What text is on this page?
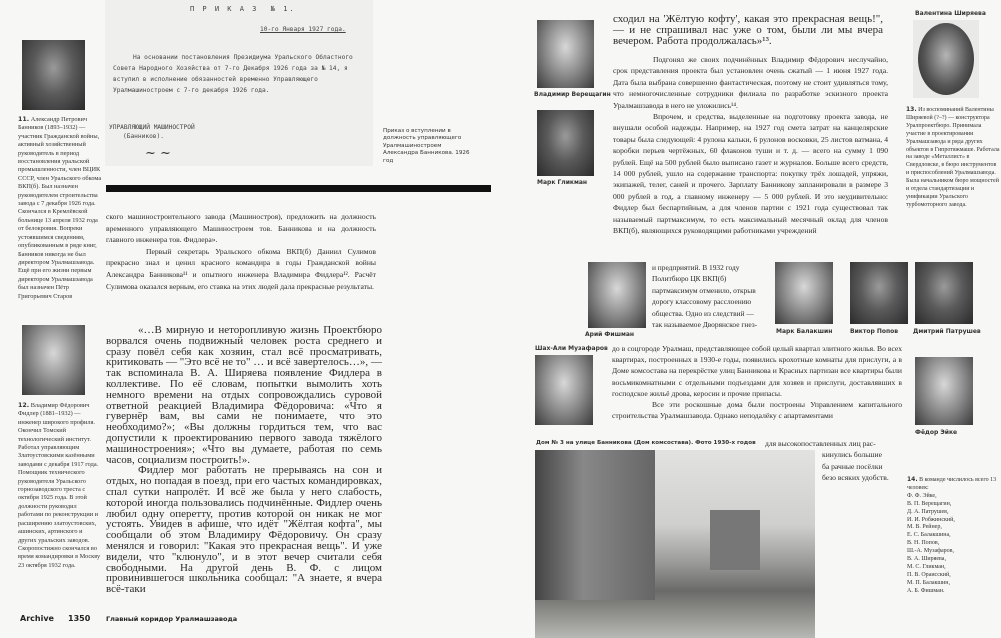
11. Александр Петрович Банников (1893–1932) — участник Гражданской войны, активный хозяйственный руководитель в период восстановления уральской промышленности, член ВЦИК СССР, член Уральского обкома ВКП(б). Был назначен руководителем строительства завода с 7 декабря 1926 года. Скончался в Кремлёвской больнице 13 апреля 1932 года от белокровия. Вопреки устоявшимся сведениям, опубликованным в ряде книг, Банников никогда не был директором Уралмашзавода. Ещё при его жизни первым директором Уралмашзавода был назначен Пётр Григорьевич Старов
П Р И К А З  № 1.
10-го Января 1927 года.
На основании постановления Президиума Уральского Областного Совета Народного Хозяйства от 7-го Декабря 1926 года за № 14, я вступил в исполнение обязанностей временно Управляющего Уралмашиностроем с 7-го декабря 1926 года.
УПРАВЛЯЮЩИЙ МАШИНОСТРОЙ
(Банников).
~ ~
Приказ о вступлении в должность управляющего Уралмашиностроем Александра Банникова. 1926 год
ского машиностроительного завода (Машиностроя), предложить на должность временного управляющего Машиностроем тов. Банникова и на должность главного инженера тов. Фидлера».

Первый секретарь Уральского обкома ВКП(б) Даниил Сулимов прекрасно знал и ценил красного командира в годы Гражданской войны Александра Банникова¹¹ и опытного инженера Владимира Фидлера¹². Расчёт Сулимова оказался верным, его ставка на этих людей дала прекрасные результаты.

«…В мирную и неторопливую жизнь Проектбюро ворвался очень подвижный человек роста среднего и сразу повёл себя как хозяин, стал всё просматривать, критиковать — "Это всё не то" … и всё завертелось…», — так вспоминала В. А. Ширяева появление Фидлера в коллективе. По её словам, попытки вымолить хоть немного времени на отдых сопровождались суровой ответной реакцией Владимира Фёдоровича: «Что я гувернёр вам, вы сами не понимаете, что это необходимо?»; «Вы должны гордиться тем, что вас допустили к проектированию первого завода тяжёлого машиностроения»; «Что вы думаете, работая по семь часов, социализм построить!».

Фидлер мог работать не прерываясь на сон и отдых, но попадая в поезд, при его частых командировках, спал сутки напролёт. И всё же была у него слабость, которой иногда пользовались подчинённые. Фидлер очень любил одну оперетту, против которой он никак не мог устоять. Увидев в афише, что идёт "Жёлтая кофта", мы сообщали об этом Владимиру Фёдоровичу. Он сразу менялся и говорил: "Какая это прекрасная вещь". И уже видели, что "клюнуло", и в этот вечер считали себя свободными. На другой день В. Ф. с лицом провинившегося школьника сообщал: "А знаете, я вчера всё-таки

12. Владимир Фёдорович Фидлер (1881–1932) — инженер широкого профиля. Окончил Томский технологический институт. Работал управляющим Златоустовскими казёнными заводами с декабря 1917 года. Помощник технического руководителя Уральского горнозаводского треста с октября 1925 года. В этой должности руководил работами по реконструкции и расширению златоустовских, ашинских, артинского и других уральских заводов. Скоропостижно скончался во время командировки в Москву 23 октября 1932 года.
Archive 1350 Главный коридор Уралмашзавода
Владимир Верещагин
Марк Гликман
сходил на 'Жёлтую кофту', какая это прекрасная вещь!", — и не спрашивал нас уже о том, были ли мы вчера вечером. Работа продолжалась»¹³.

Подгонял же своих подчинённых Владимир Фёдорович неслучайно, срок представления проекта был установлен очень сжатый — 1 июня 1927 года. Дата была выбрана совершенно фантастическая, поэтому не стоит удивляться тому, что немногочисленные сотрудники филиала по разработке эскизного проекта Уралмашзавода в него не уложились¹⁴.

Впрочем, и средства, выделенные на подготовку проекта завода, не внушали особой надежды. Например, на 1927 год смета затрат на канцелярские товары была следующей: 4 рулона кальки, 6 рулонов восковки, 25 листов ватмана, 4 коробки перьев чертёжных, 60 флаконов туши и т. д. — всего на сумму 1 090 рублей. Ещё на 500 рублей было выписано газет и журналов. Больше всего средств, 14 000 рублей, ушло на содержание транспорта: покупку трёх лошадей, упряжи, экипажей, телег, саней и прочего. Зарплату Банникову запланировали в размере 3 000 рублей в год, а главному инженеру — 5 000 рублей. И это неудивительно: Фидлер был беспартийным, а для членов партии с 1921 года существовал так называемый партмаксимум, то есть максимальный месячный оклад для членов ВКП(б), являющихся руководящими работниками учреждений

Валентина Ширяева
13. Из воспоминаний Валентины Ширяевой (?–?) — конструктора Уралпроектбюро. Принимала участие в проектировании Уралмашзавода и ряда других объектов в Гипротяжмаше. Работала на заводе «Металлист» в Свердловске, в бюро инструментов и приспособлений Уралмашзавода. Была начальником бюро мощностей и отдела стандартизации и унификации Уральского турбомоторного завода.
Арий Фишман
и предприятий. В 1932 году Политбюро ЦК ВКП(б) партмаксимум отменило, открыв дорогу классовому расслоению общества. Одно из следствий — так называемое Дворянское гнез-
Марк Балакшин	Виктор Попов Дмитрий Патрушев
Шах-Али Музафаров до в соцгороде Уралмаш, представляющее собой целый квартал элитного жилья. Во всех квартирах, построенных в 1930-е годы, появились крохотные комнаты для прислуги, а в Доме комсостава на перекрёстке улиц Банникова и Красных партизан все квартиры были восьмикомнатными с отдельными подъездами для хозяев и прислуги, доставлявших в господское жильё дрова, керосин и прочие припасы.

Все эти роскошные дома были построены Управлением капитального строительства Уралмашзавода. Однако неподалёку с апартаментами

для высокопоставленных лиц рас-
кинулись большие
ба рачные посёлки
безо всяких удобств.
Дом № 3 на улице Банникова (Дом комсостава). Фото 1930-х годов
Фёдор Эйке
14. В команде числилось всего 13 человек:
Ф. Ф. Эйке,
В. П. Верещагин,
Д. А. Патрушев,
И. И. Робжинский,
М. В. Рейнер,
Е. С. Балакшина,
В. Н. Попов,
Ш.-А. Музафаров,
В. А. Ширяева,
М. С. Гликман,
П. В. Ораисский,
М. П. Балакшин,
А. Б. Фишман.
